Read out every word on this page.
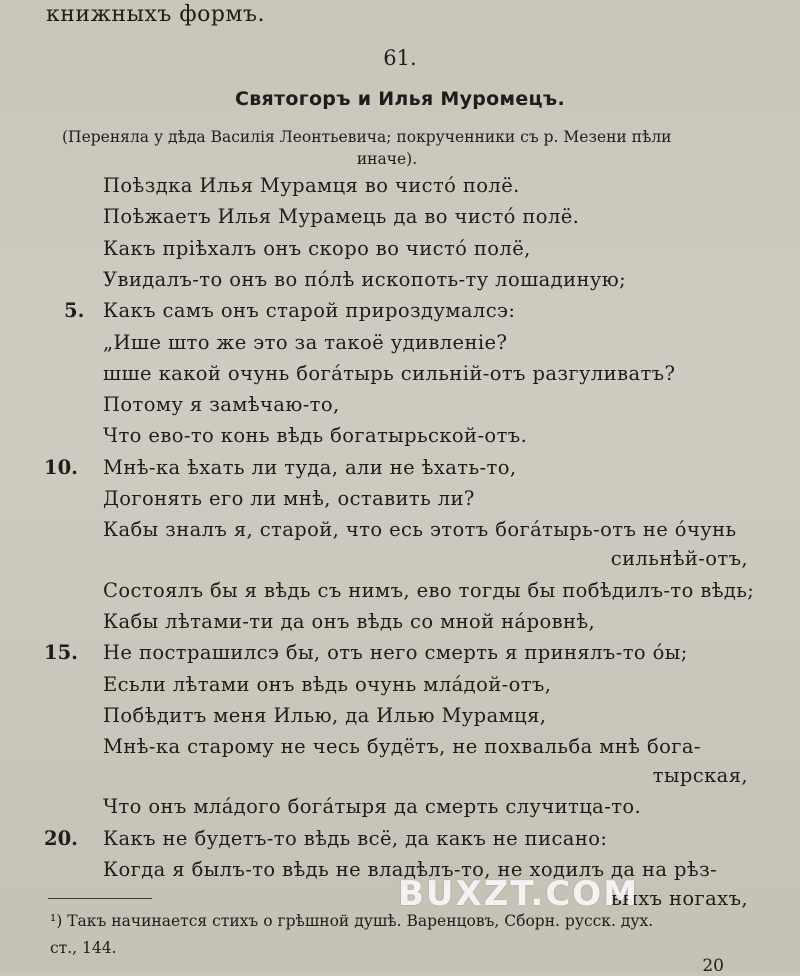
книжныхъ формъ.
61.
Святогоръ и Илья Муромецъ.
(Переняла у дѣда Василія Леонтьевича; покрученники съ р. Мезени пѣли
иначе).
Поѣздка Илья Мурамця во чистó полё.
Поѣжаетъ Илья Мурамець да во чистó полё.
Какъ пріѣхалъ онъ скоро во чистó полё,
Увидалъ-то онъ во пóлѣ ископоть-ту лошадиную;
5. Какъ самъ онъ старой прироздумалсэ:
„Ише што же это за такоё удивленіе?
шше какой очунь богáтырь сильній-отъ разгуливатъ?
Потому я замѣчаю-то,
Что ево-то конь вѣдь богатырьской-отъ.
10. Мнѣ-ка ѣхать ли туда, али не ѣхать-то,
Догонять его ли мнѣ, оставить ли?
Кабы зналъ я, старой, что есь этотъ богáтырь-отъ не óчунь
сильнѣй-отъ,
Состоялъ бы я вѣдь съ нимъ, ево тогды бы побѣдилъ-то вѣдь;
Кабы лѣтами-ти да онъ вѣдь со мной нáровнѣ,
15. Не пострашилсэ бы, отъ него смерть я принялъ-то óы;
Есьли лѣтами онъ вѣдь очунь млáдой-отъ,
Побѣдитъ меня Илью, да Илью Мурамця,
Мнѣ-ка старому не чесь будётъ, не похвальба мнѣ бога-
тырская,
Что онъ млáдого богáтыря да смерть случитца-то.
20. Какъ не будетъ-то вѣдь всё, да какъ не писано:
Когда я былъ-то вѣдь не владѣлъ-то, не ходилъ да на рѣз-
выхъ ногахъ,
¹) Такъ начинается стихъ о грѣшной душѣ. Варенцовъ, Сборн. русск. дух.
ст., 144.
BUXZT.COM
20
